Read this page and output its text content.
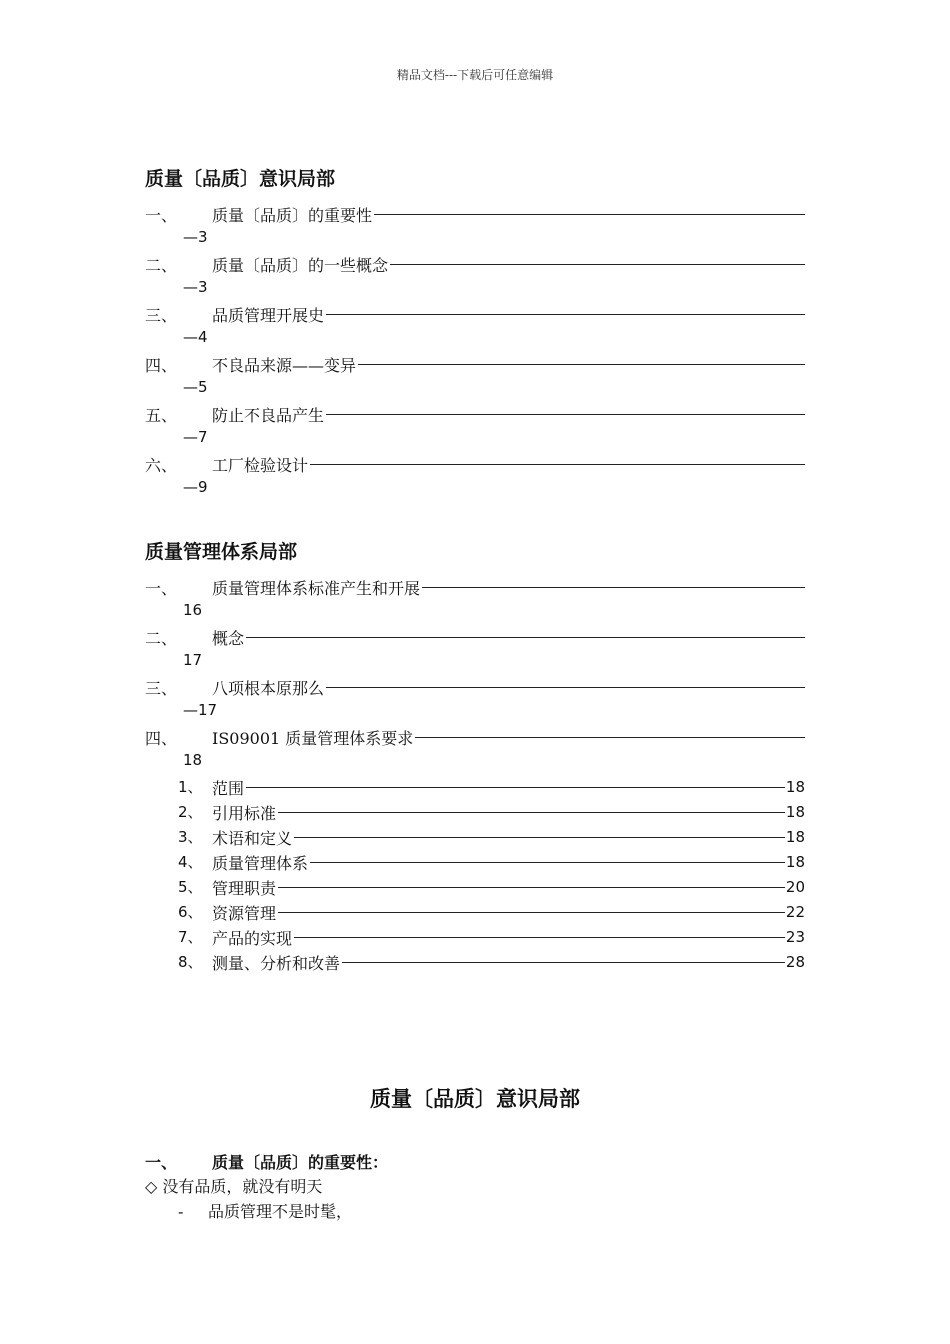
精品文档---下载后可任意编辑
质量〔品质〕意识局部
一、 质量〔品质〕的重要性
—3
二、 质量〔品质〕的一些概念
—3
三、 品质管理开展史
—4
四、 不良品来源——变异
—5
五、 防止不良品产生
—7
六、 工厂检验设计
—9
质量管理体系局部
一、 质量管理体系标准产生和开展
16
二、 概念
17
三、 八项根本原那么
—17
四、 IS09001 质量管理体系要求
18
1、 范围	18
2、 引用标准	18
3、 术语和定义	18
4、 质量管理体系	18
5、 管理职责	20
6、 资源管理	22
7、 产品的实现	23
8、 测量、分析和改善	28
质量〔品质〕意识局部
一、 质量〔品质〕的重要性：
◇ 没有品质，就没有明天
- 品质管理不是时髦，
